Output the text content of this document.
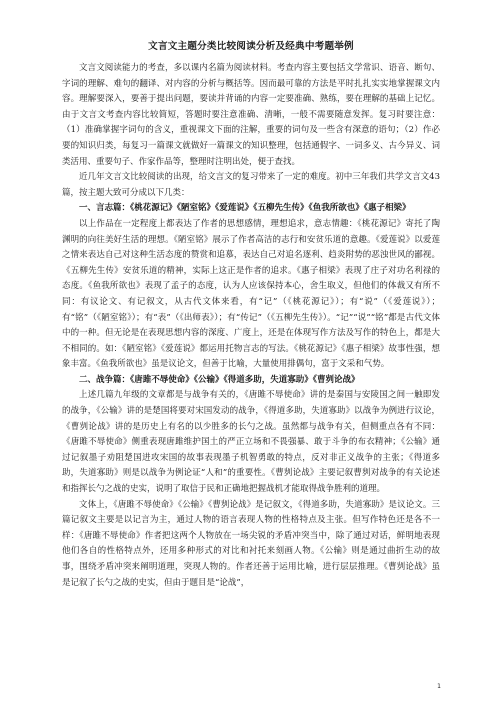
文言文主题分类比较阅读分析及经典中考题举例

文言文阅读能力的考查，多以课内名篇为阅读材料。考查内容主要包括文学常识、语音、断句、字词的理解、难句的翻译、对内容的分析与概括等。因而最可靠的方法是平时扎扎实实地掌握课文内容。理解要深入，要善于提出问题，要读并背诵的内容一定要准确、熟练，要在理解的基础上记忆。由于文言文考查内容比较简短，答题时要注意准确、清晰，一般不需要随意发挥。复习时要注意：（1）准确掌握字词句的含义，重视课文下面的注解，重要的词句及一些含有深意的语句；（2）作必要的知识归类，每复习一篇课文就做好一篇课文的知识整理，包括通假字、一词多义、古今异义、词类活用、重要句子、作家作品等，整理时注明出处，便于查找。

近几年文言文比较阅读的出现，给文言文的复习带来了一定的难度。初中三年我们共学文言文43篇，按主题大致可分成以下几类：

一、言志篇：《桃花源记》《陋室铭》《爱莲说》《五柳先生传》《鱼我所欲也》《惠子相梁》

以上作品在一定程度上都表达了作者的思想感情，理想追求，意志情趣：《桃花源记》寄托了陶渊明的向往美好生活的理想。《陋室铭》展示了作者高洁的志行和安贫乐道的意趣。《爱莲说》以爱莲之情来表达自己对这种生活态度的赞赏和追慕，表达自己对追名逐利、趋炎附势的恶浊世风的鄙视。《五柳先生传》安贫乐道的精神，实际上这正是作者的追求。《惠子相梁》表现了庄子对功名利禄的态度。《鱼我所欲也》表现了孟子的态度，认为人应该保持本心，舍生取义，但他们的体裁又有所不同：有议论文、有记叙文，从古代文体来看，有“记”（《桃花源记》）；有“说”（《爱莲说》）；有“铭”（《陋室铭》）；有“表”（《出师表》）；有“传记”（《五柳先生传》）。“记”“说”“铭”都是古代文体中的一种。但无论是在表现思想内容的深度、广度上，还是在体现写作方法及写作的特色上，都是大不相同的。如：《陋室铭》《爱莲说》都运用托物言志的写法。《桃花源记》《惠子相梁》故事性强，想象丰富。《鱼我所欲也》虽是议论文，但善于比喻，大量使用排偶句，富于文采和气势。

二、战争篇：《唐雎不辱使命》《公输》《得道多助，失道寡助》《曹刿论战》

上述几篇九年级的文章都是与战争有关的，《唐雎不辱使命》讲的是秦国与安陵国之间一触即发的战争，《公输》讲的是楚国将要对宋国发动的战争，《得道多助，失道寡助》以战争为例进行议论，《曹刿论战》讲的是历史上有名的以少胜多的长勺之战。虽然都与战争有关，但侧重点各有不同：《唐雎不辱使命》侧重表现唐雎维护国土的严正立场和不畏强暴、敢于斗争的布衣精神；《公输》通过记叙墨子劝阻楚国进攻宋国的故事表现墨子机智勇敢的特点，反对非正义战争的主张；《得道多助，失道寡助》则是以战争为例论证“人和”的重要性。《曹刿论战》主要记叙曹刿对战争的有关论述和指挥长勺之战的史实，说明了取信于民和正确地把握战机才能取得战争胜利的道理。

文体上，《唐雎不辱使命》《公输》《曹刿论战》是记叙文，《得道多助，失道寡助》是议论文。三篇记叙文主要是以记言为主，通过人物的语言表现人物的性格特点及主张。但写作特色还是各不一样：《唐雎不辱使命》作者把这两个人物放在一场尖锐的矛盾冲突当中，除了通过对话，鲜明地表现他们各自的性格特点外，还用多种形式的对比和衬托来刻画人物。《公输》则是通过曲折生动的故事，围绕矛盾冲突来阐明道理，突现人物的。作者还善于运用比喻，进行层层推理。《曹刿论战》虽是记叙了长勺之战的史实，但由于题目是“论战”，

1
